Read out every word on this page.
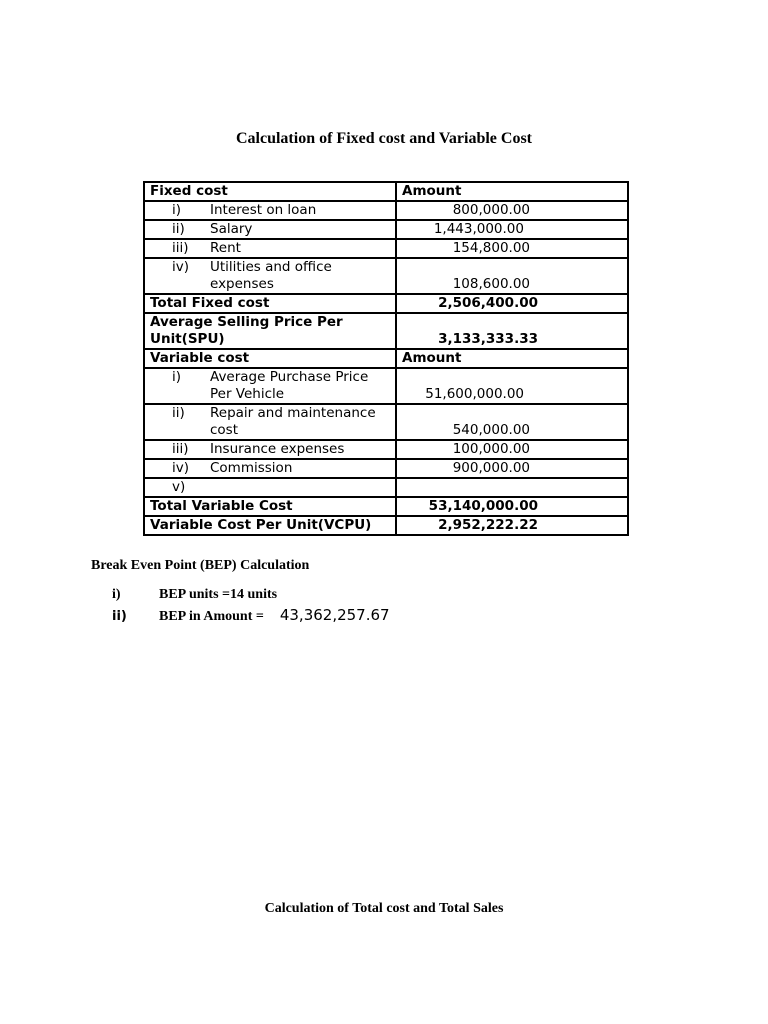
Calculation of Fixed cost and Variable Cost
Fixed cost	Amount

i) Interest on loan	800,000.00

ii) Salary	1,443,000.00

iii) Rent	154,800.00

iv) Utilities and office expenses	108,600.00
Total Fixed cost	2,506,400.00
Average Selling Price Per Unit(SPU)	3,133,333.33
Variable cost	Amount

i) Average Purchase Price Per Vehicle	51,600,000.00

ii) Repair and maintenance cost	540,000.00

iii) Insurance expenses	100,000.00

iv) Commission	900,000.00

v)	

Total Variable Cost	53,140,000.00
Variable Cost Per Unit(VCPU)	2,952,222.22
Break Even Point (BEP) Calculation
i)	BEP units =14 units
ii) BEP in Amount = 43,362,257.67
Calculation of Total cost and Total Sales
